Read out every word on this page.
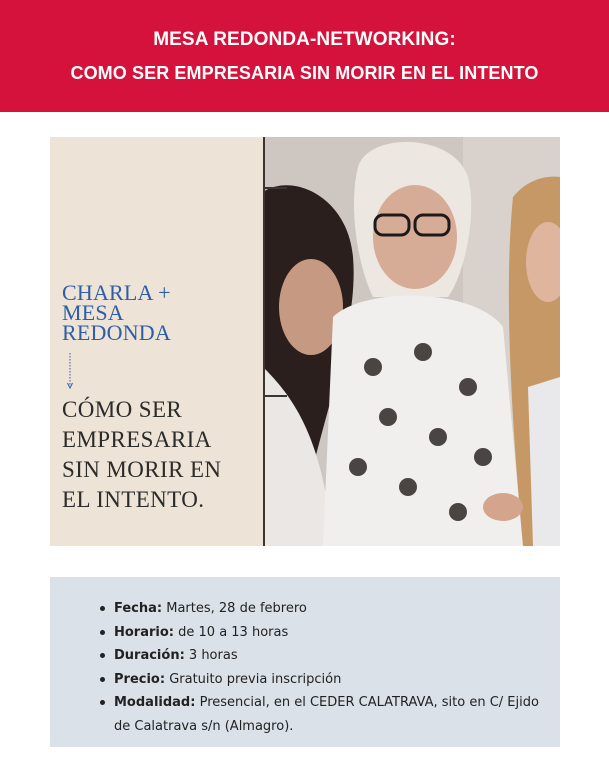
MESA REDONDA-NETWORKING:
COMO SER EMPRESARIA SIN MORIR EN EL INTENTO
CHARLA +
MESA
REDONDA
CÓMO SER
EMPRESARIA
SIN MORIR EN
EL INTENTO.
Fecha: Martes, 28 de febrero
Horario: de 10 a 13 horas
Duración: 3 horas
Precio: Gratuito previa inscripción
Modalidad: Presencial, en el CEDER CALATRAVA, sito en C/ Ejido de Calatrava s/n (Almagro).
